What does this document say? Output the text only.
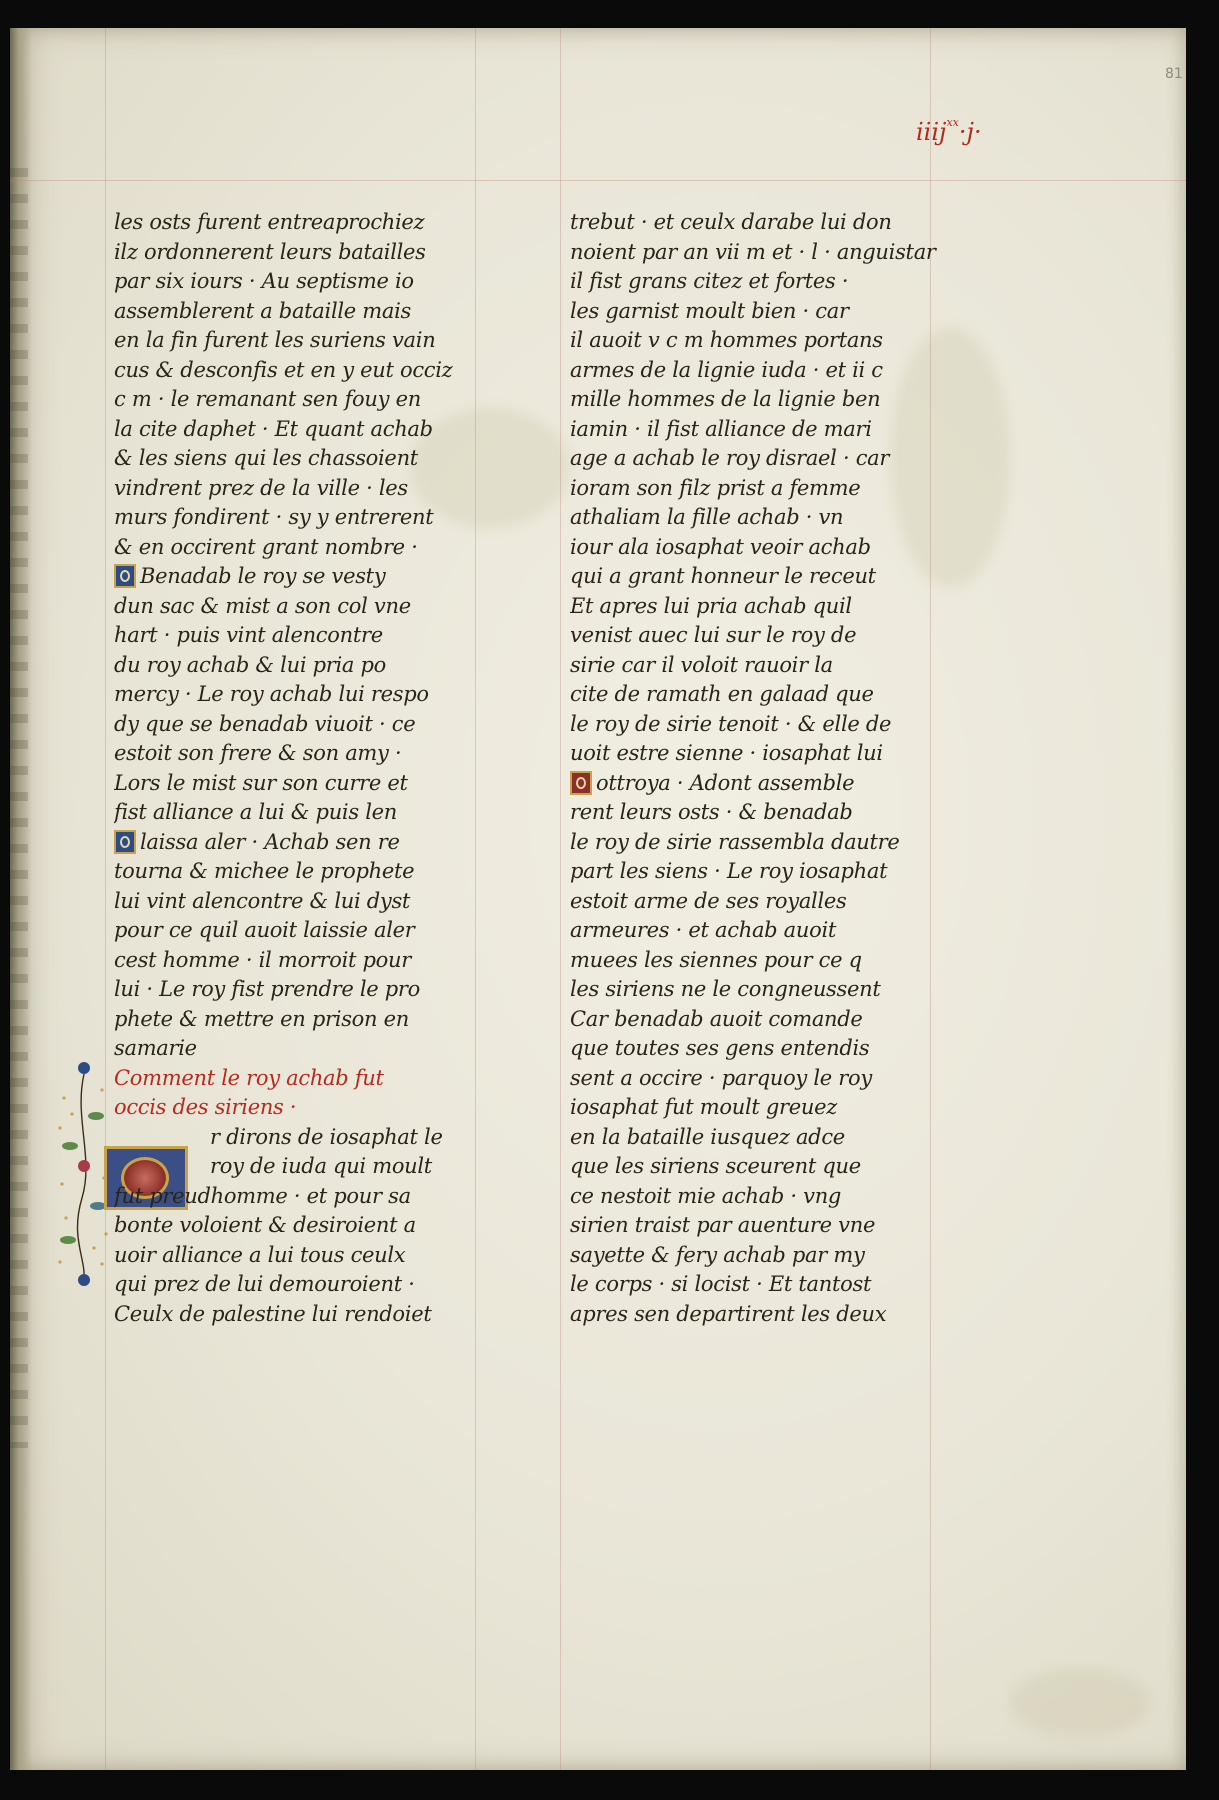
81
iiij$^{xx}$·j·
les osts furent entreaprochiez
ilz ordonnerent leurs batailles
par six iours · Au septisme io
assemblerent a bataille mais
en la fin furent les suriens vain
cus & desconfis et en y eut occiz
c m · le remanant sen fouy en
la cite daphet · Et quant achab
& les siens qui les chassoient
vindrent prez de la ville · les
murs fondirent · sy y entrerent
& en occirent grant nombre ·
Benadab le roy se vesty
dun sac & mist a son col vne
hart · puis vint alencontre
du roy achab & lui pria po
mercy · Le roy achab lui respo
dy que se benadab viuoit · ce
estoit son frere & son amy ·
Lors le mist sur son curre et
fist alliance a lui & puis len
laissa aler · Achab sen re
tourna & michee le prophete
lui vint alencontre & lui dyst
pour ce quil auoit laissie aler
cest homme · il morroit pour
lui · Le roy fist prendre le pro
phete & mettre en prison en
samarie
Comment le roy achab fut
occis des siriens ·
r dirons de iosaphat le
roy de iuda qui moult
fut preudhomme · et pour sa
bonte voloient & desiroient a
uoir alliance a lui tous ceulx
qui prez de lui demouroient ·
Ceulx de palestine lui rendoiet
trebut · et ceulx darabe lui don
noient par an vii m et · l · anguistar
il fist grans citez et fortes ·
les garnist moult bien · car
il auoit v c m hommes portans
armes de la lignie iuda · et ii c
mille hommes de la lignie ben
iamin · il fist alliance de mari
age a achab le roy disrael · car
ioram son filz prist a femme
athaliam la fille achab · vn
iour ala iosaphat veoir achab
qui a grant honneur le receut
Et apres lui pria achab quil
venist auec lui sur le roy de
sirie car il voloit rauoir la
cite de ramath en galaad que
le roy de sirie tenoit · & elle de
uoit estre sienne · iosaphat lui
ottroya · Adont assemble
rent leurs osts · & benadab
le roy de sirie rassembla dautre
part les siens · Le roy iosaphat
estoit arme de ses royalles
armeures · et achab auoit
muees les siennes pour ce q
les siriens ne le congneussent
Car benadab auoit comande
que toutes ses gens entendis
sent a occire · parquoy le roy
iosaphat fut moult greuez
en la bataille iusquez adce
que les siriens sceurent que
ce nestoit mie achab · vng
sirien traist par auenture vne
sayette & fery achab par my
le corps · si locist · Et tantost
apres sen departirent les deux
